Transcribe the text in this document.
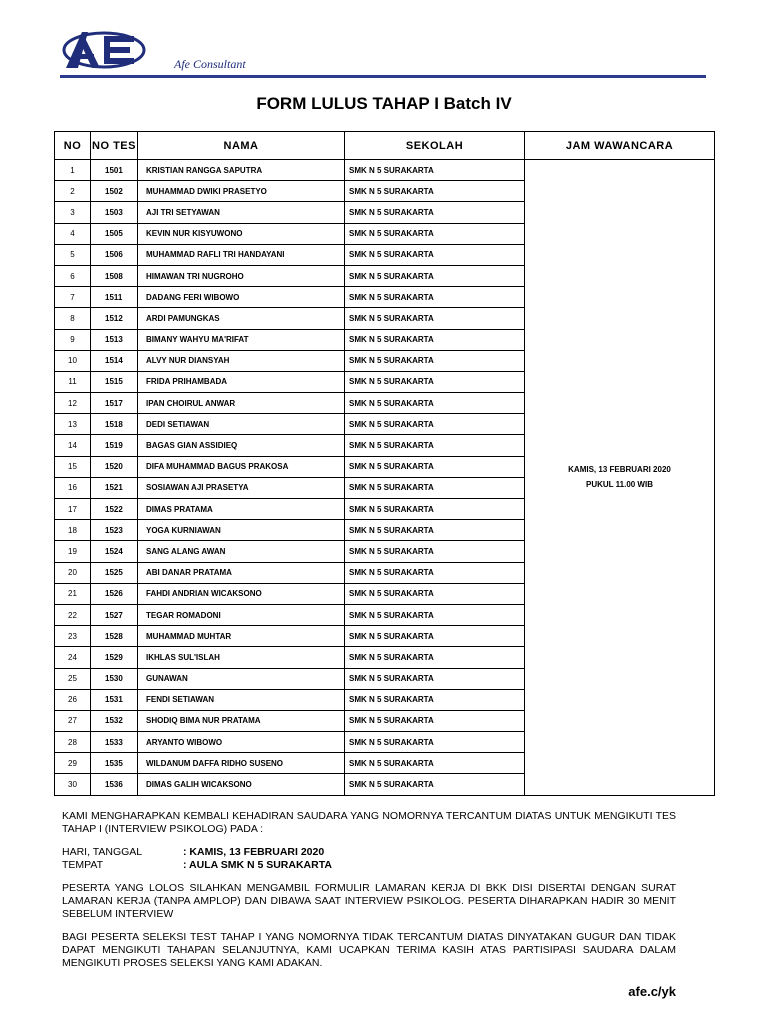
Afe Consultant
FORM LULUS TAHAP I Batch IV
NO	NO TES	NAMA	SEKOLAH	JAM WAWANCARA
1	1501	KRISTIAN RANGGA SAPUTRA	SMK N 5 SURAKARTA	KAMIS, 13 FEBRUARI 2020
PUKUL 11.00 WIB

2	1502	MUHAMMAD DWIKI PRASETYO	SMK N 5 SURAKARTA	
3	1503	AJI TRI SETYAWAN	SMK N 5 SURAKARTA	
4	1505	KEVIN NUR KISYUWONO	SMK N 5 SURAKARTA	
5	1506	MUHAMMAD RAFLI TRI HANDAYANI	SMK N 5 SURAKARTA	
6	1508	HIMAWAN TRI NUGROHO	SMK N 5 SURAKARTA	
7	1511	DADANG FERI WIBOWO	SMK N 5 SURAKARTA	
8	1512	ARDI PAMUNGKAS	SMK N 5 SURAKARTA	
9	1513	BIMANY WAHYU MA'RIFAT	SMK N 5 SURAKARTA	
10	1514	ALVY NUR DIANSYAH	SMK N 5 SURAKARTA	
11	1515	FRIDA PRIHAMBADA	SMK N 5 SURAKARTA	
12	1517	IPAN CHOIRUL ANWAR	SMK N 5 SURAKARTA	
13	1518	DEDI SETIAWAN	SMK N 5 SURAKARTA	
14	1519	BAGAS GIAN ASSIDIEQ	SMK N 5 SURAKARTA	
15	1520	DIFA MUHAMMAD BAGUS PRAKOSA	SMK N 5 SURAKARTA	
16	1521	SOSIAWAN AJI PRASETYA	SMK N 5 SURAKARTA	
17	1522	DIMAS PRATAMA	SMK N 5 SURAKARTA	
18	1523	YOGA KURNIAWAN	SMK N 5 SURAKARTA	
19	1524	SANG ALANG AWAN	SMK N 5 SURAKARTA	
20	1525	ABI DANAR PRATAMA	SMK N 5 SURAKARTA	
21	1526	FAHDI ANDRIAN WICAKSONO	SMK N 5 SURAKARTA	
22	1527	TEGAR ROMADONI	SMK N 5 SURAKARTA	
23	1528	MUHAMMAD MUHTAR	SMK N 5 SURAKARTA	
24	1529	IKHLAS SUL'ISLAH	SMK N 5 SURAKARTA	
25	1530	GUNAWAN	SMK N 5 SURAKARTA	
26	1531	FENDI SETIAWAN	SMK N 5 SURAKARTA	
27	1532	SHODIQ BIMA NUR PRATAMA	SMK N 5 SURAKARTA	
28	1533	ARYANTO WIBOWO	SMK N 5 SURAKARTA	
29	1535	WILDANUM DAFFA RIDHO SUSENO	SMK N 5 SURAKARTA	
30	1536	DIMAS GALIH WICAKSONO	SMK N 5 SURAKARTA	

KAMI MENGHARAPKAN KEMBALI KEHADIRAN SAUDARA YANG NOMORNYA TERCANTUM DIATAS UNTUK MENGIKUTI TES TAHAP I (INTERVIEW PSIKOLOG) PADA :

HARI, TANGGAL	: KAMIS, 13 FEBRUARI 2020
TEMPAT	: AULA SMK N 5 SURAKARTA

PESERTA YANG LOLOS SILAHKAN MENGAMBIL FORMULIR LAMARAN KERJA DI BKK DISI DISERTAI DENGAN SURAT LAMARAN KERJA (TANPA AMPLOP) DAN DIBAWA SAAT INTERVIEW PSIKOLOG. PESERTA DIHARAPKAN HADIR 30 MENIT SEBELUM INTERVIEW

BAGI PESERTA SELEKSI TEST TAHAP I YANG NOMORNYA TIDAK TERCANTUM DIATAS DINYATAKAN GUGUR DAN TIDAK DAPAT MENGIKUTI TAHAPAN SELANJUTNYA, KAMI UCAPKAN TERIMA KASIH ATAS PARTISIPASI SAUDARA DALAM MENGIKUTI PROSES SELEKSI YANG KAMI ADAKAN.

afe.c/yk
